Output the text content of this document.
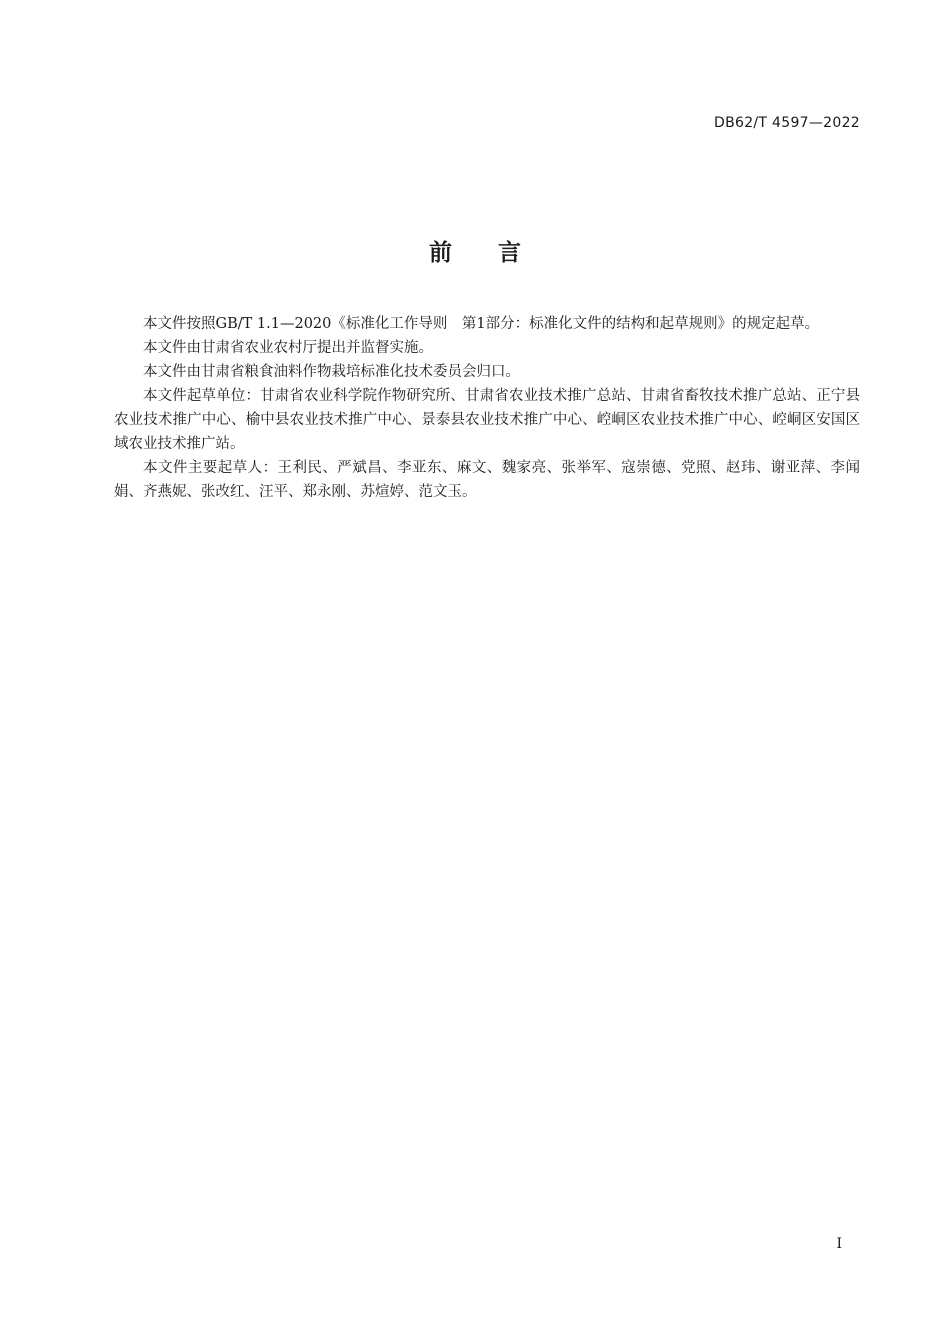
DB62/T 4597—2022
前言

本文件按照GB/T 1.1—2020《标准化工作导则　第1部分：标准化文件的结构和起草规则》的规定起草。

本文件由甘肃省农业农村厅提出并监督实施。

本文件由甘肃省粮食油料作物栽培标准化技术委员会归口。

本文件起草单位：甘肃省农业科学院作物研究所、甘肃省农业技术推广总站、甘肃省畜牧技术推广总站、正宁县农业技术推广中心、榆中县农业技术推广中心、景泰县农业技术推广中心、崆峒区农业技术推广中心、崆峒区安国区域农业技术推广站。

本文件主要起草人：王利民、严斌昌、李亚东、麻文、魏家亮、张举军、寇崇德、党照、赵玮、谢亚萍、李闻娟、齐燕妮、张改红、汪平、郑永刚、苏煊婷、范文玉。

I
